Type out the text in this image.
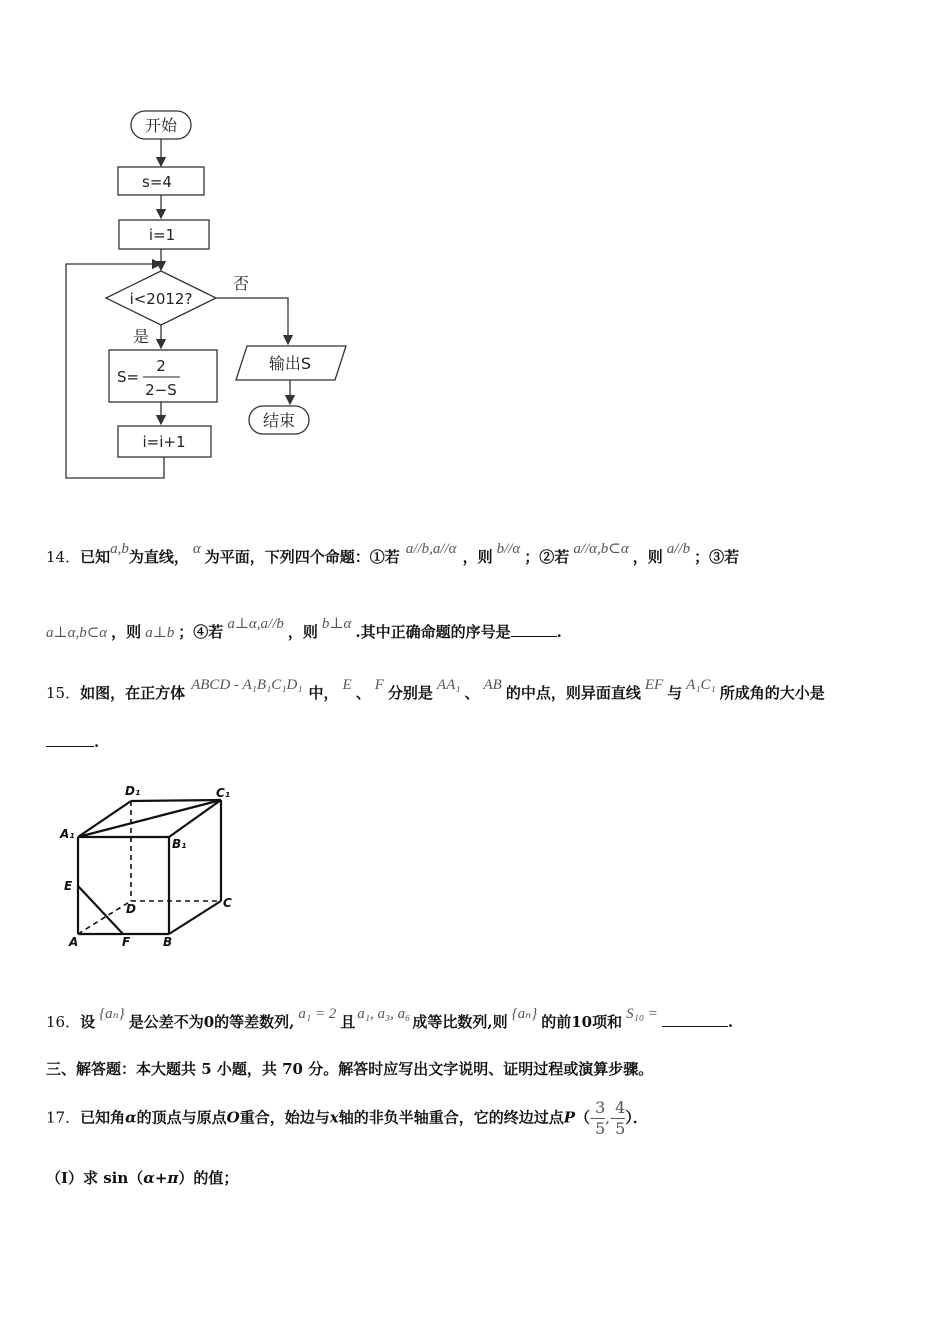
开始
s=4
i=1
i<2012?
否
是
S=
2
2−S
i=i+1
输出S
结束
14．已知a,b为直线， α 为平面，下列四个命题：①若 a//b,a//α ，则 b//α ；②若 a//α,b⊂α ，则 a//b ；③若
a⊥α,b⊂α ，则 a⊥b ；④若 a⊥α,a//b ，则 b⊥α .其中正确命题的序号是	.
15．如图，在正方体 ABCD - A₁B₁C₁D₁ 中， E 、 F 分别是 AA₁ 、 AB 的中点，则异面直线 EF 与 A₁C₁ 所成角的大小是
.
D₁	C₁
A₁
B₁
E
D	C
A	F	B
16．设 {aₙ} 是公差不为0的等差数列, a₁ = 2 且 a₁, a₃, a₆ 成等比数列,则 {aₙ} 的前10项和 S₁₀ =	.
三、解答题：本大题共 5 小题，共 70 分。解答时应写出文字说明、证明过程或演算步骤。
17．已知角α的顶点与原点O重合，始边与x轴的非负半轴重合，它的终边过点$P(- \frac{3}{5}$ ,- $\frac{4}{5}$ ）．
（Ⅰ）求 sin（α+π）的值；
